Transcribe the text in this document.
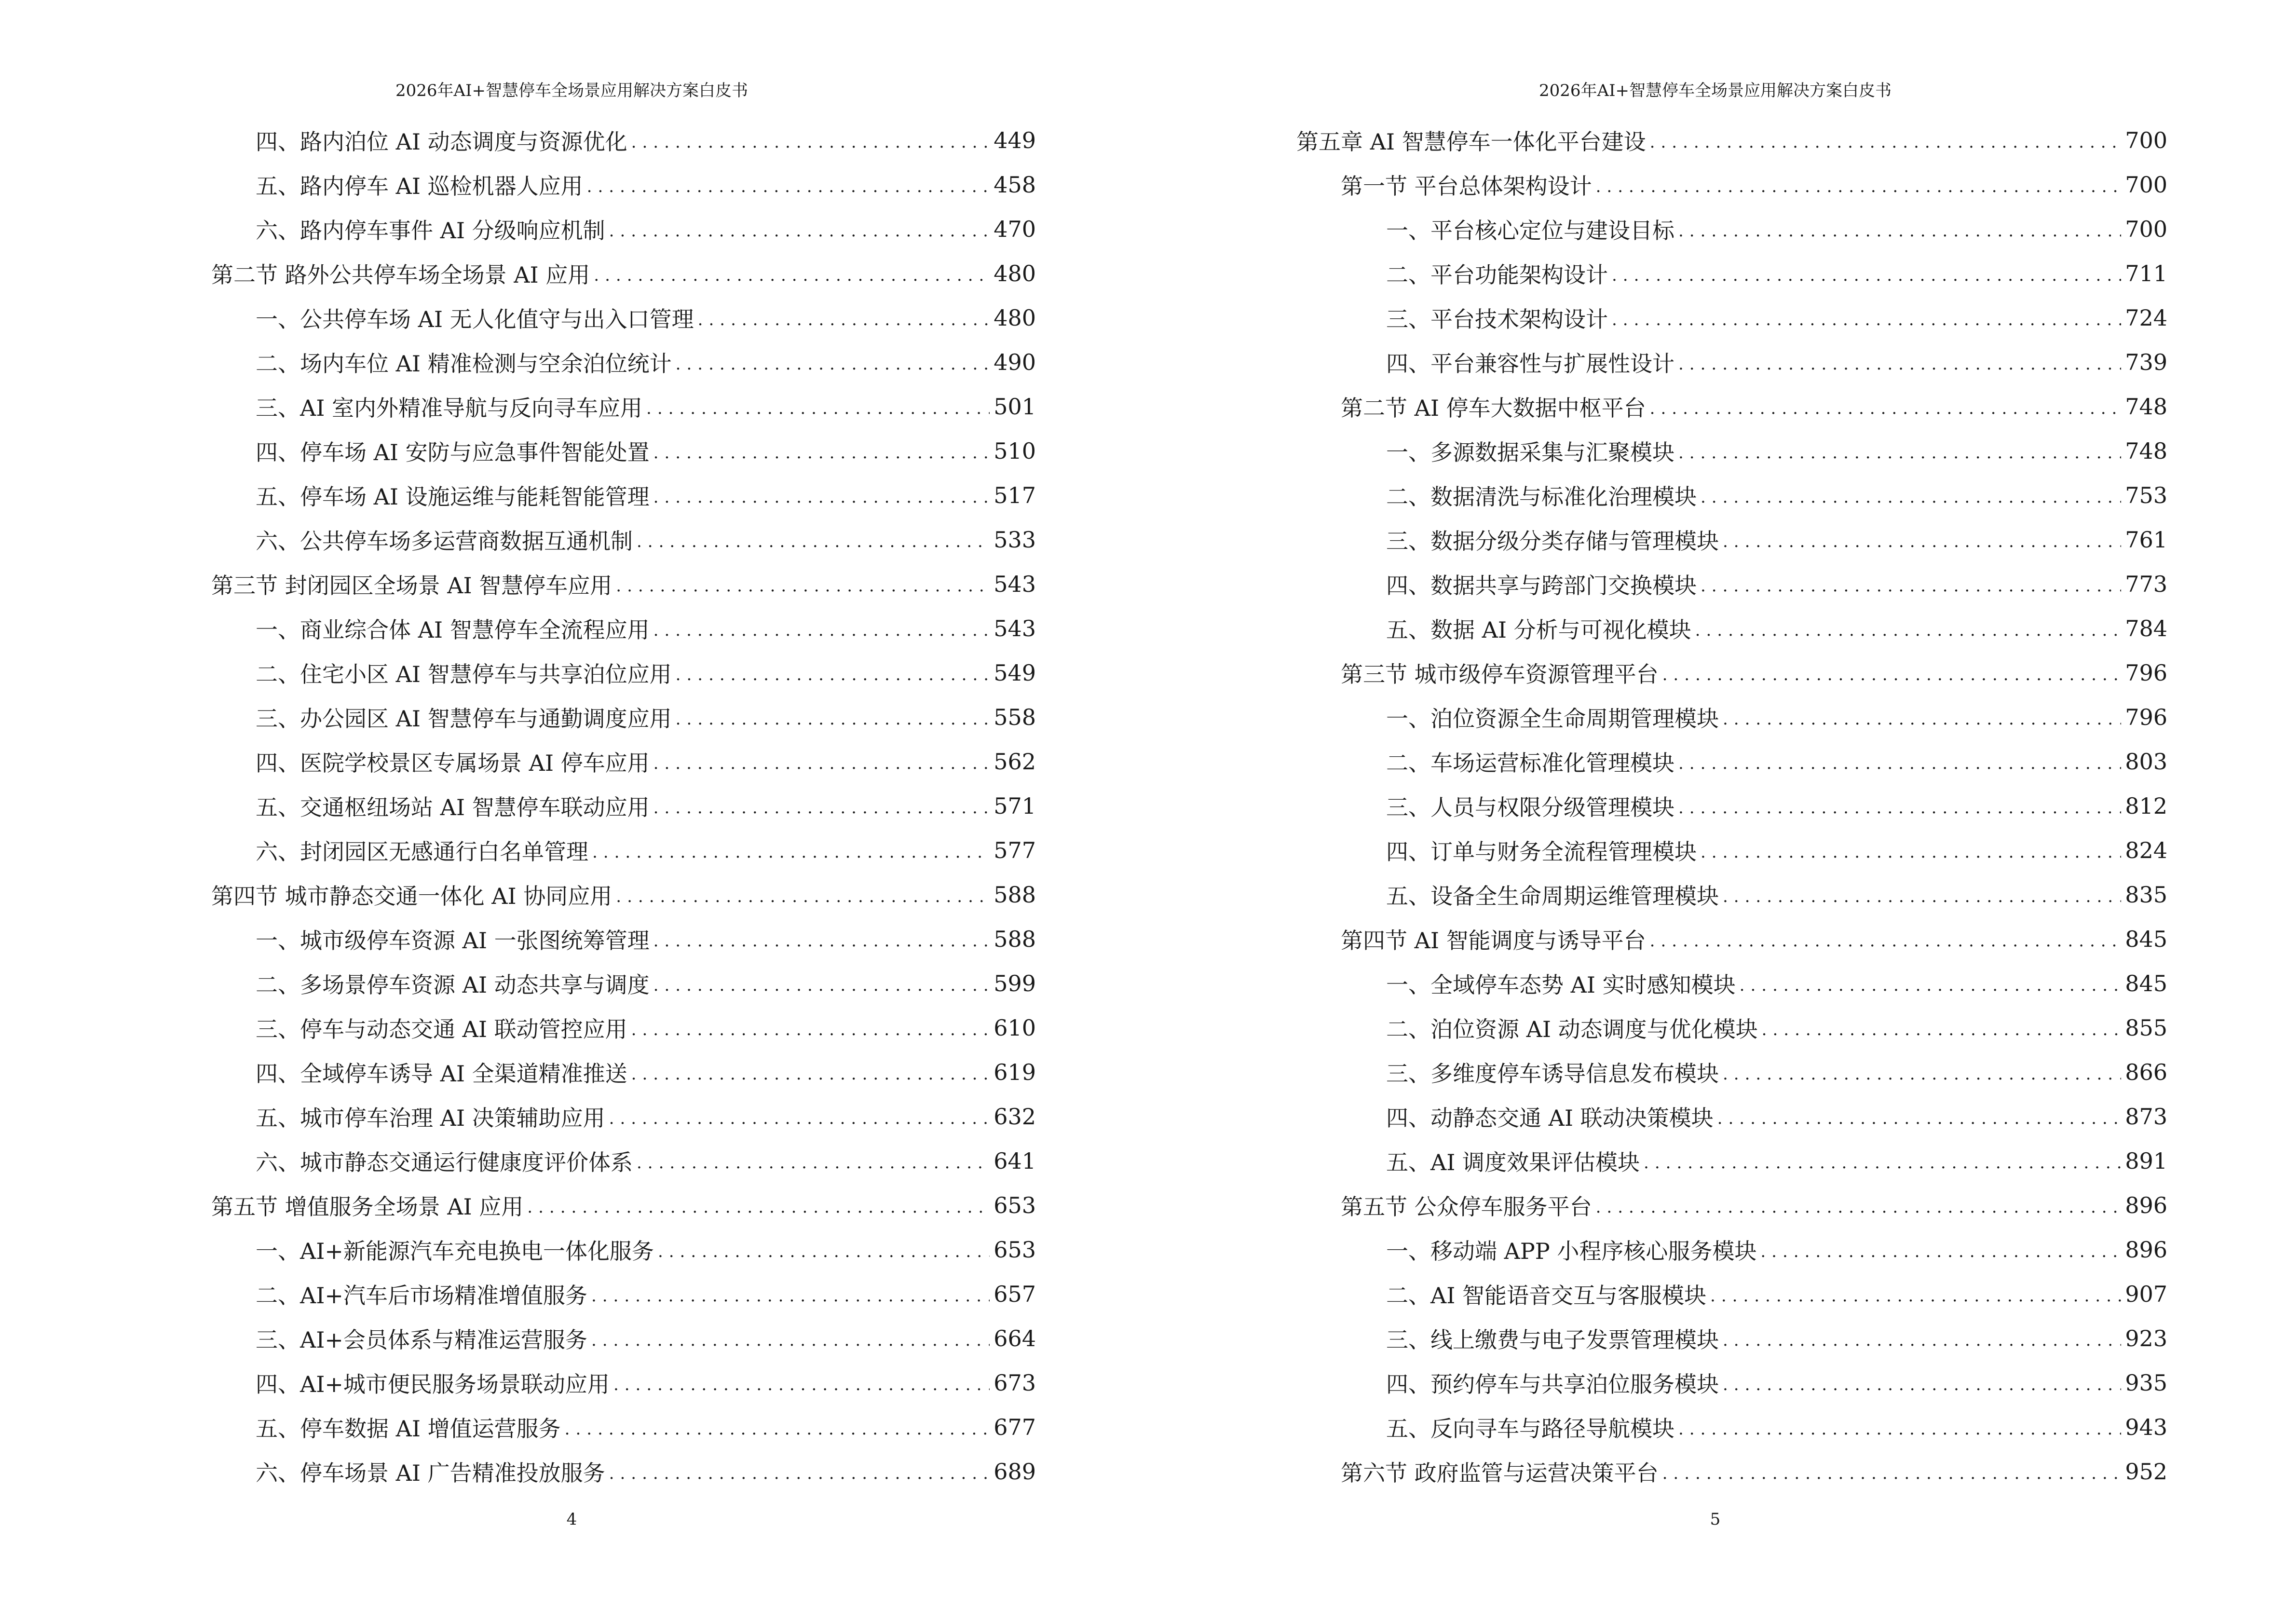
2026年AI+智慧停车全场景应用解决方案白皮书
四、路内泊位 AI 动态调度与资源优化 .....	449
五、路内停车 AI 巡检机器人应用 .....	458
六、路内停车事件 AI 分级响应机制 .....	470
第二节 路外公共停车场全场景 AI 应用 .....	480
一、公共停车场 AI 无人化值守与出入口管理 .....	480
二、场内车位 AI 精准检测与空余泊位统计 .....	490
三、AI 室内外精准导航与反向寻车应用 .....	501
四、停车场 AI 安防与应急事件智能处置 .....	510
五、停车场 AI 设施运维与能耗智能管理 .....	517
六、公共停车场多运营商数据互通机制 .....	533
第三节 封闭园区全场景 AI 智慧停车应用 .....	543
一、商业综合体 AI 智慧停车全流程应用 .....	543
二、住宅小区 AI 智慧停车与共享泊位应用 .....	549
三、办公园区 AI 智慧停车与通勤调度应用 .....	558
四、医院学校景区专属场景 AI 停车应用 .....	562
五、交通枢纽场站 AI 智慧停车联动应用 .....	571
六、封闭园区无感通行白名单管理 .....	577
第四节 城市静态交通一体化 AI 协同应用 .....	588
一、城市级停车资源 AI 一张图统筹管理 .....	588
二、多场景停车资源 AI 动态共享与调度 .....	599
三、停车与动态交通 AI 联动管控应用 .....	610
四、全域停车诱导 AI 全渠道精准推送 .....	619
五、城市停车治理 AI 决策辅助应用 .....	632
六、城市静态交通运行健康度评价体系 .....	641
第五节 增值服务全场景 AI 应用 .....	653
一、AI+新能源汽车充电换电一体化服务 .....	653
二、AI+汽车后市场精准增值服务 .....	657
三、AI+会员体系与精准运营服务 .....	664
四、AI+城市便民服务场景联动应用 .....	673
五、停车数据 AI 增值运营服务 .....	677
六、停车场景 AI 广告精准投放服务 .....	689
4
2026年AI+智慧停车全场景应用解决方案白皮书
第五章 AI 智慧停车一体化平台建设 .....	700
第一节 平台总体架构设计 .....	700
一、平台核心定位与建设目标 .....	700
二、平台功能架构设计 .....	711
三、平台技术架构设计 .....	724
四、平台兼容性与扩展性设计 .....	739
第二节 AI 停车大数据中枢平台 .....	748
一、多源数据采集与汇聚模块 .....	748
二、数据清洗与标准化治理模块 .....	753
三、数据分级分类存储与管理模块 .....	761
四、数据共享与跨部门交换模块 .....	773
五、数据 AI 分析与可视化模块 .....	784
第三节 城市级停车资源管理平台 .....	796
一、泊位资源全生命周期管理模块 .....	796
二、车场运营标准化管理模块 .....	803
三、人员与权限分级管理模块 .....	812
四、订单与财务全流程管理模块 .....	824
五、设备全生命周期运维管理模块 .....	835
第四节 AI 智能调度与诱导平台 .....	845
一、全域停车态势 AI 实时感知模块 .....	845
二、泊位资源 AI 动态调度与优化模块 .....	855
三、多维度停车诱导信息发布模块 .....	866
四、动静态交通 AI 联动决策模块 .....	873
五、AI 调度效果评估模块 .....	891
第五节 公众停车服务平台 .....	896
一、移动端 APP 小程序核心服务模块 .....	896
二、AI 智能语音交互与客服模块 .....	907
三、线上缴费与电子发票管理模块 .....	923
四、预约停车与共享泊位服务模块 .....	935
五、反向寻车与路径导航模块 .....	943
第六节 政府监管与运营决策平台 .....	952
5
